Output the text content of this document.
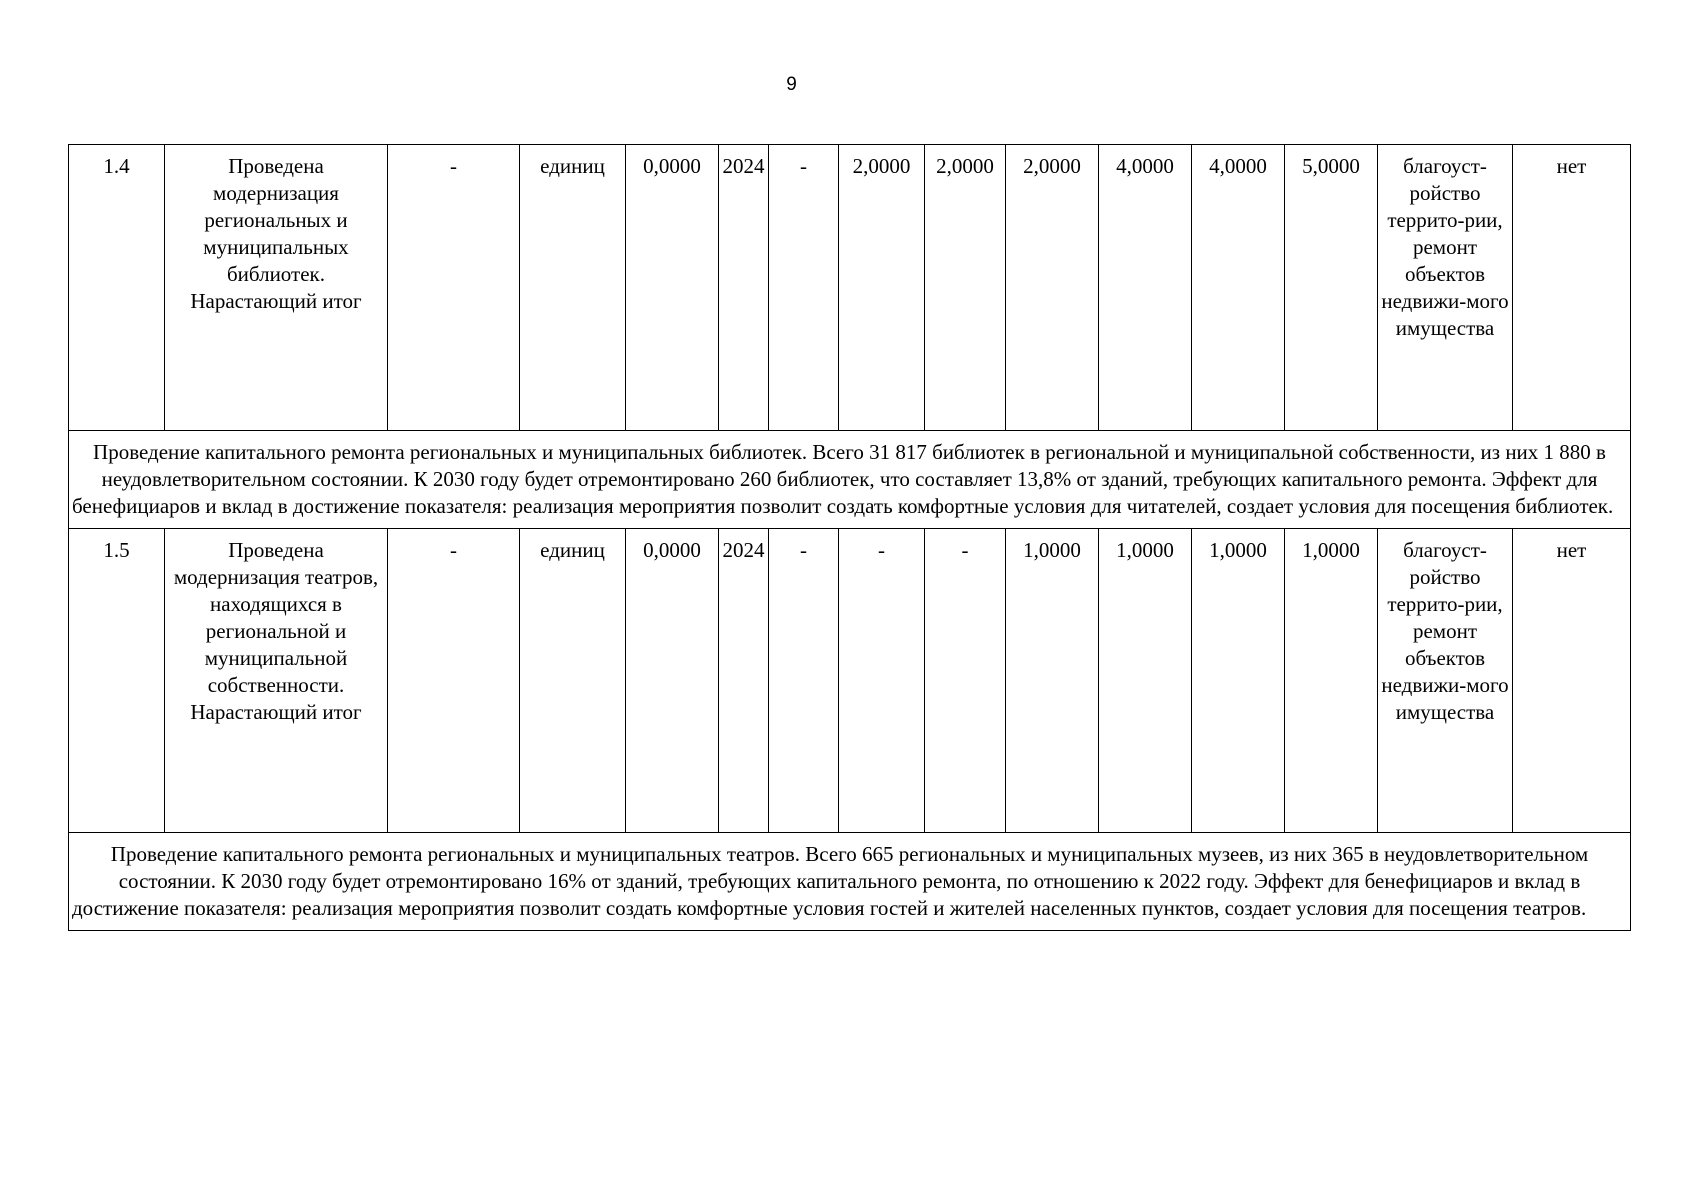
9
1.4	Проведена модернизация региональных и муниципальных библиотек. Нарастающий итог	-	единиц	0,0000	2024	-	2,0000	2,0000	2,0000	4,0000	4,0000	5,0000	благоуст-ройство террито-рии, ремонт объектов недвижи-мого имущества	нет
Проведение капитального ремонта региональных и муниципальных библиотек. Всего 31 817 библиотек в региональной и муниципальной собственности, из них 1 880 в неудовлетворительном состоянии. К 2030 году будет отремонтировано 260 библиотек, что составляет 13,8% от зданий, требующих капитального ремонта. Эффект для бенефициаров и вклад в достижение показателя: реализация мероприятия позволит создать комфортные условия для читателей, создает условия для посещения библиотек.														
1.5	Проведена модернизация театров, находящихся в региональной и муниципальной собственности. Нарастающий итог	-	единиц	0,0000	2024	-	-	-	1,0000	1,0000	1,0000	1,0000	благоуст-ройство террито-рии, ремонт объектов недвижи-мого имущества	нет
Проведение капитального ремонта региональных и муниципальных театров. Всего 665 региональных и муниципальных музеев, из них 365 в неудовлетворительном состоянии. К 2030 году будет отремонтировано 16% от зданий, требующих капитального ремонта, по отношению к 2022 году. Эффект для бенефициаров и вклад в достижение показателя: реализация мероприятия позволит создать комфортные условия гостей и жителей населенных пунктов, создает условия для посещения театров.														
